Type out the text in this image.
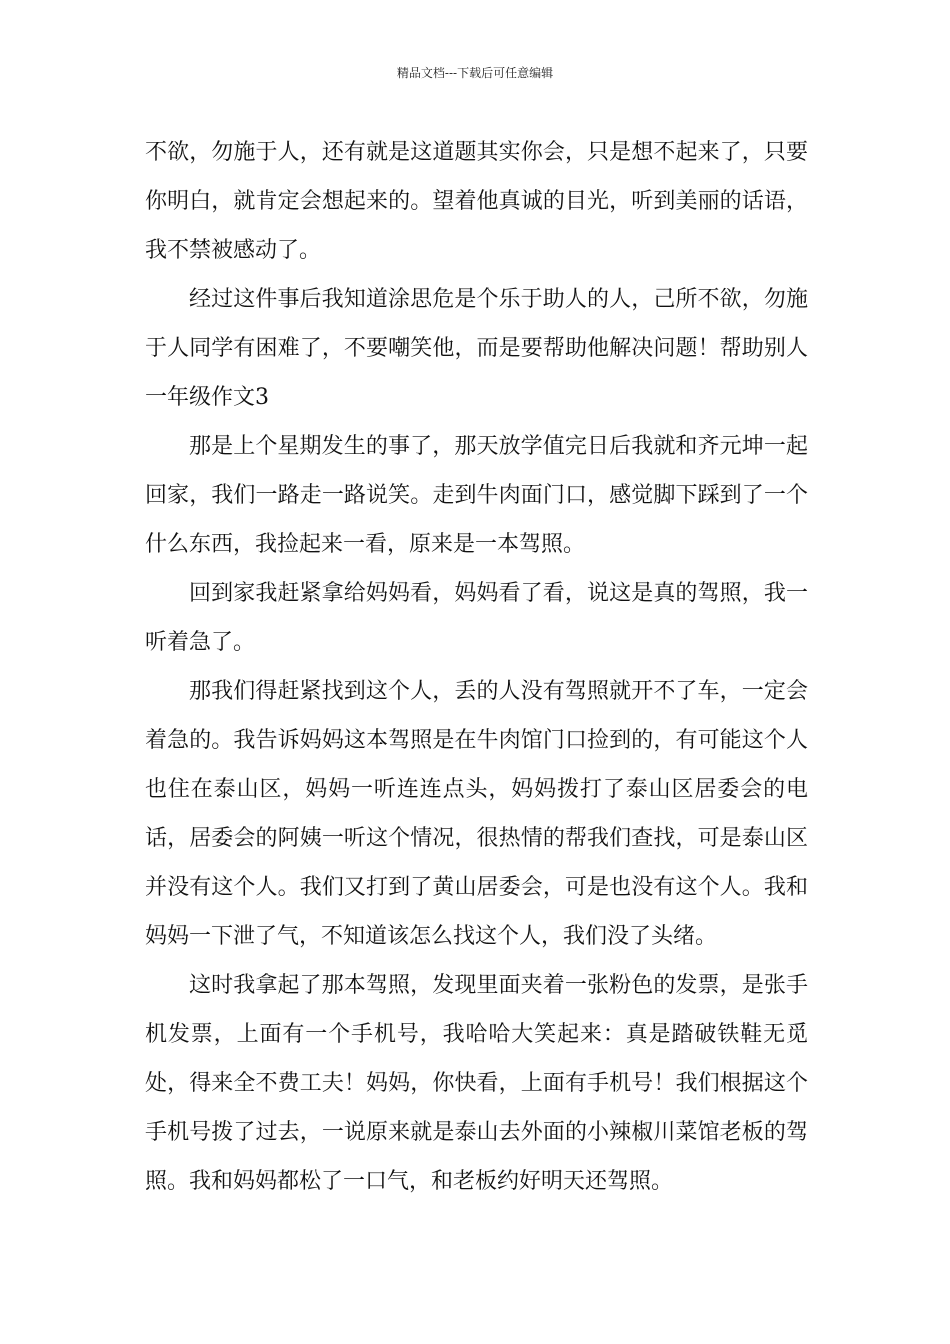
精品文档---下载后可任意编辑

不欲，勿施于人，还有就是这道题其实你会，只是想不起来了，只要你明白，就肯定会想起来的。望着他真诚的目光，听到美丽的话语，我不禁被感动了。

经过这件事后我知道涂思危是个乐于助人的人，己所不欲，勿施于人同学有困难了，不要嘲笑他，而是要帮助他解决问题！帮助别人一年级作文3

那是上个星期发生的事了，那天放学值完日后我就和齐元坤一起回家，我们一路走一路说笑。走到牛肉面门口，感觉脚下踩到了一个什么东西，我捡起来一看，原来是一本驾照。

回到家我赶紧拿给妈妈看，妈妈看了看，说这是真的驾照，我一听着急了。

那我们得赶紧找到这个人，丢的人没有驾照就开不了车，一定会着急的。我告诉妈妈这本驾照是在牛肉馆门口捡到的，有可能这个人也住在泰山区，妈妈一听连连点头，妈妈拨打了泰山区居委会的电话，居委会的阿姨一听这个情况，很热情的帮我们查找，可是泰山区并没有这个人。我们又打到了黄山居委会，可是也没有这个人。我和妈妈一下泄了气，不知道该怎么找这个人，我们没了头绪。

这时我拿起了那本驾照，发现里面夹着一张粉色的发票，是张手机发票，上面有一个手机号，我哈哈大笑起来：真是踏破铁鞋无觅处，得来全不费工夫！妈妈，你快看，上面有手机号！我们根据这个手机号拨了过去，一说原来就是泰山去外面的小辣椒川菜馆老板的驾照。我和妈妈都松了一口气，和老板约好明天还驾照。
